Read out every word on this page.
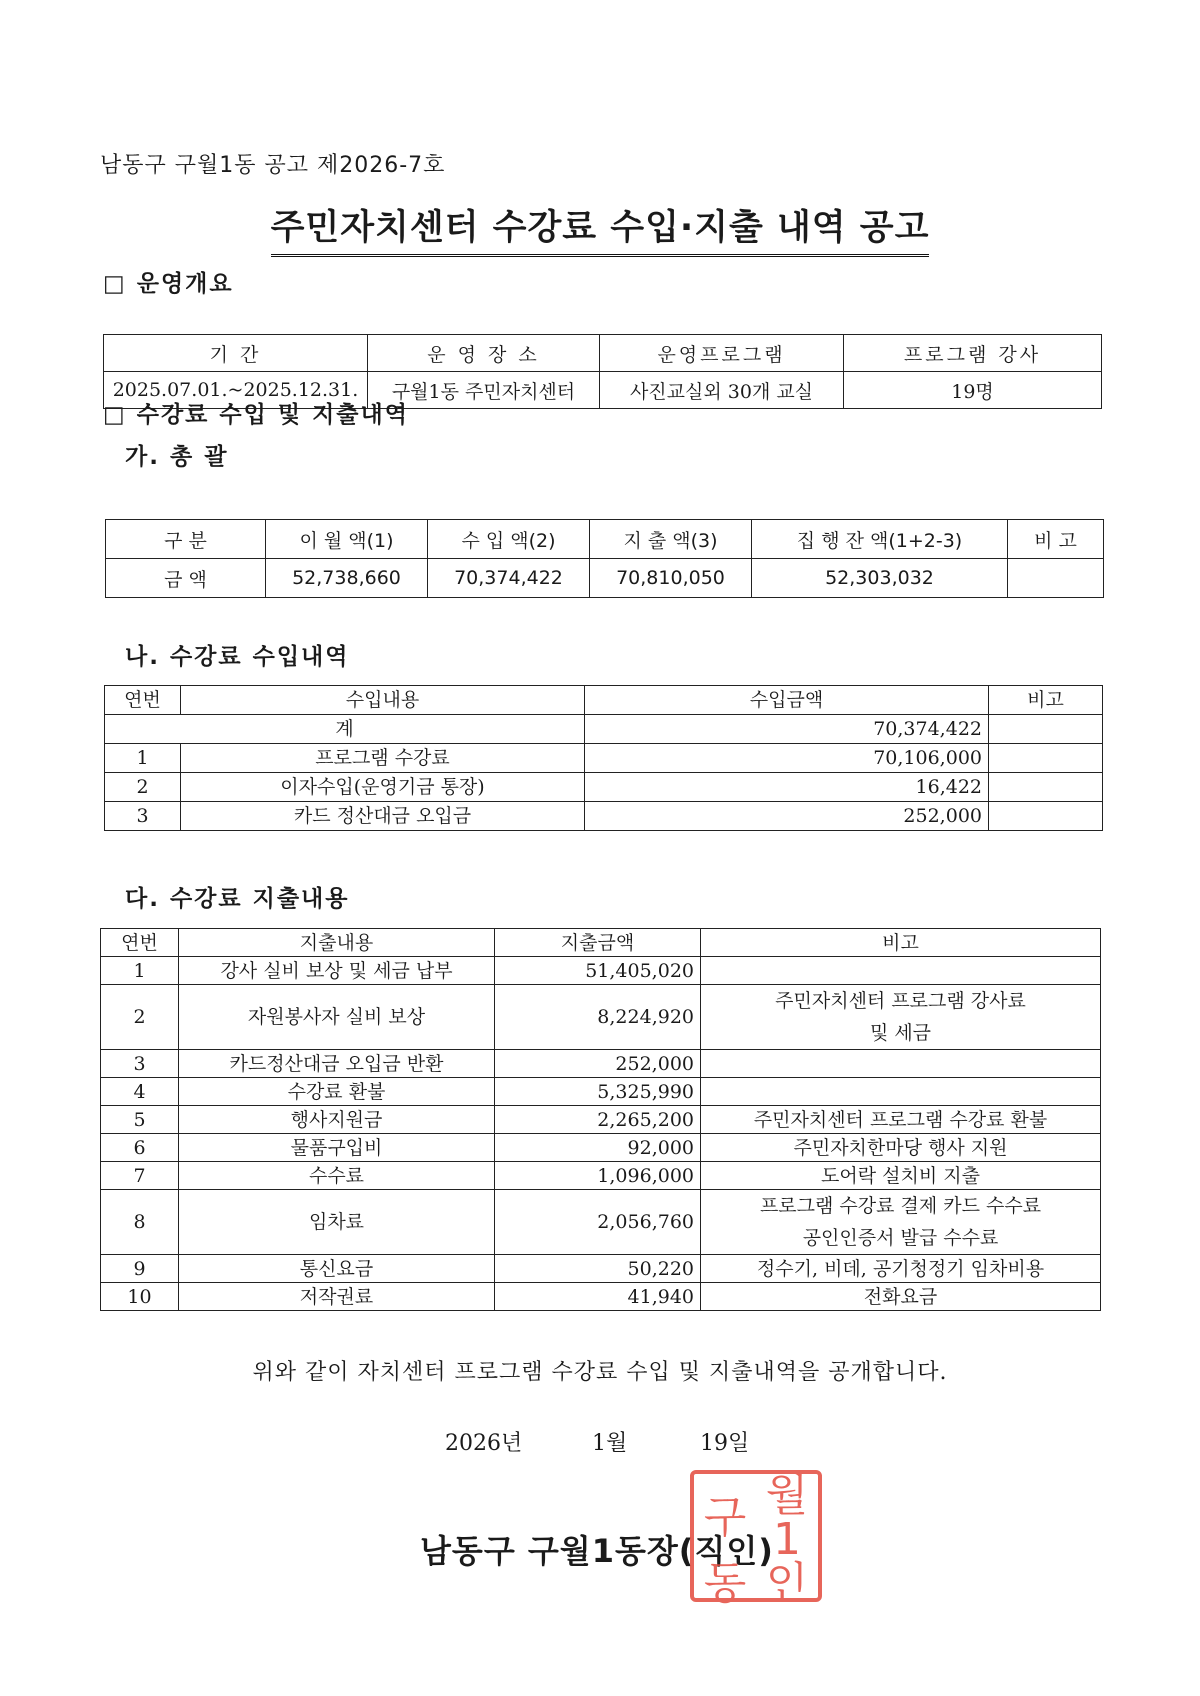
남동구 구월1동 공고 제2026-7호
주민자치센터 수강료 수입·지출 내역 공고
□ 운영개요
기 간	운 영 장 소	운영프로그램	프로그램 강사
2025.07.01.~2025.12.31.	구월1동 주민자치센터	사진교실외 30개 교실	19명
□ 수강료 수입 및 지출내역
가. 총 괄
구 분	이 월 액(1)	수 입 액(2)	지 출 액(3)	집 행 잔 액(1+2-3)	비 고
금 액	52,738,660	70,374,422	70,810,050	52,303,032	
나. 수강료 수입내역
연번	수입내용	수입금액	비고
계		70,374,422	
1	프로그램 수강료	70,106,000	
2	이자수입(운영기금 통장)	16,422	
3	카드 정산대금 오입금	252,000	
다. 수강료 지출내용
연번	지출내용	지출금액	비고
1	강사 실비 보상 및 세금 납부	51,405,020	
2	자원봉사자 실비 보상	8,224,920	주민자치센터 프로그램 강사료
및 세금

3	카드정산대금 오입금 반환	252,000	
4	수강료 환불	5,325,990	
5	행사지원금	2,265,200	주민자치센터 프로그램 수강료 환불
6	물품구입비	92,000	주민자치한마당 행사 지원
7	수수료	1,096,000	도어락 설치비 지출
8	임차료	2,056,760	프로그램 수강료 결제 카드 수수료
공인인증서 발급 수수료

9	통신요금	50,220	정수기, 비데, 공기청정기 임차비용
10	저작권료	41,940	전화요금
위와 같이 자치센터 프로그램 수강료 수입 및 지출내역을 공개합니다.
2026년	1월	19일
남동구 구월1동장(직인)
구 월1
동 인
